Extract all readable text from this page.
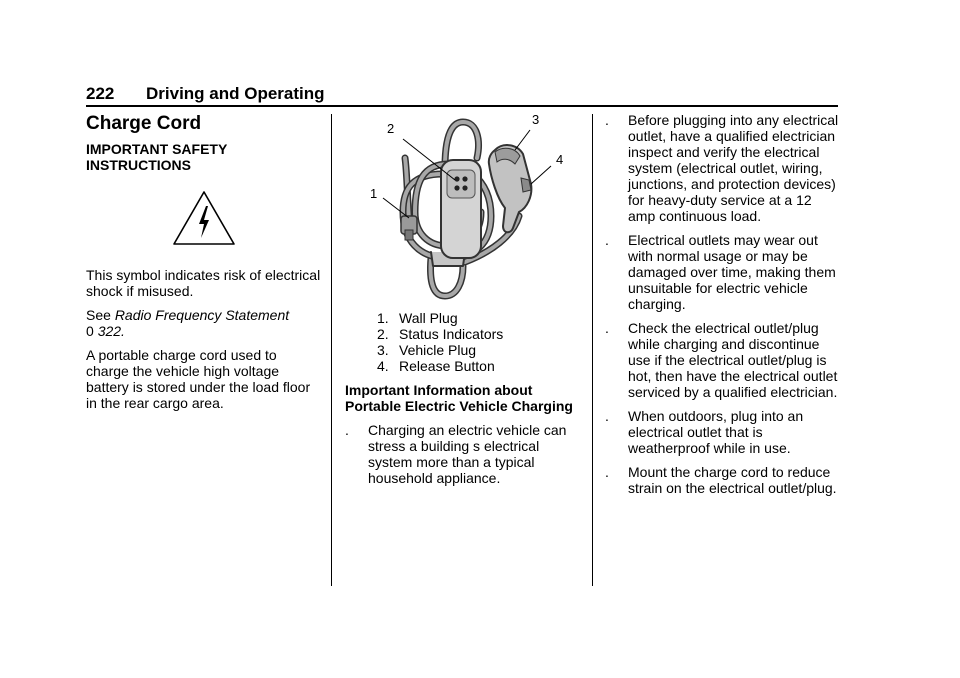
222 Driving and Operating
Charge Cord

IMPORTANT SAFETY INSTRUCTIONS

This symbol indicates risk of electrical shock if misused.

See Radio Frequency Statement
0 322.

A portable charge cord used to charge the vehicle high voltage battery is stored under the load floor in the rear cargo area.

1
2
3
4
1. Wall Plug
2. Status Indicators
3. Vehicle Plug
4. Release Button

Important Information about Portable Electric Vehicle Charging

. Charging an electric vehicle can stress a building s electrical system more than a typical household appliance.
. Before plugging into any electrical outlet, have a qualified electrician inspect and verify the electrical system (electrical outlet, wiring, junctions, and protection devices) for heavy-duty service at a 12 amp continuous load.
. Electrical outlets may wear out with normal usage or may be damaged over time, making them unsuitable for electric vehicle charging.
. Check the electrical outlet/plug while charging and discontinue use if the electrical outlet/plug is hot, then have the electrical outlet serviced by a qualified electrician.
. When outdoors, plug into an electrical outlet that is weatherproof while in use.
. Mount the charge cord to reduce strain on the electrical outlet/plug.
